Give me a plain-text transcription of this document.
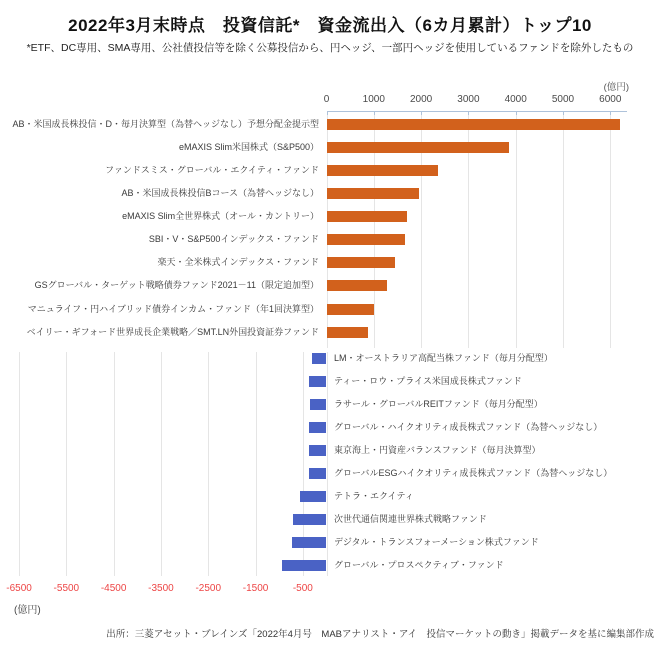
2022年3月末時点　投資信託*　資金流出入（6カ月累計）トップ10
*ETF、DC専用、SMA専用、公社債投信等を除く公募投信から、円ヘッジ、一部円ヘッジを使用しているファンドを除外したもの
(億円)
(億円)
0	1000	2000	3000	4000	5000	6000
-6500	-5500	-4500	-3500	-2500	-1500	-500
AB・米国成長株投信・D・毎月決算型（為替ヘッジなし）予想分配金提示型
eMAXIS Slim米国株式（S&P500）
ファンドスミス・グローバル・エクイティ・ファンド
AB・米国成長株投信Bコース（為替ヘッジなし）
eMAXIS Slim全世界株式（オール・カントリー）
SBI・V・S&P500インデックス・ファンド
楽天・全米株式インデックス・ファンド
GSグローバル・ターゲット戦略債券ファンド2021－11（限定追加型）
マニュライフ・円ハイブリッド債券インカム・ファンド（年1回決算型）
ベイリー・ギフォード世界成長企業戦略／SMT.LN外国投資証券ファンド
LM・オーストラリア高配当株ファンド（毎月分配型）
ティー・ロウ・プライス米国成長株式ファンド
ラサール・グローバルREITファンド（毎月分配型）
グローバル・ハイクオリティ成長株式ファンド（為替ヘッジなし）
東京海上・円資産バランスファンド（毎月決算型）
グローバルESGハイクオリティ成長株式ファンド（為替ヘッジなし）
テトラ・エクイティ
次世代通信関連世界株式戦略ファンド
デジタル・トランスフォーメーション株式ファンド
グローバル・プロスペクティブ・ファンド
出所：三菱アセット・ブレインズ「2022年4月号　MABアナリスト・アイ　投信マーケットの動き」掲載データを基に編集部作成
